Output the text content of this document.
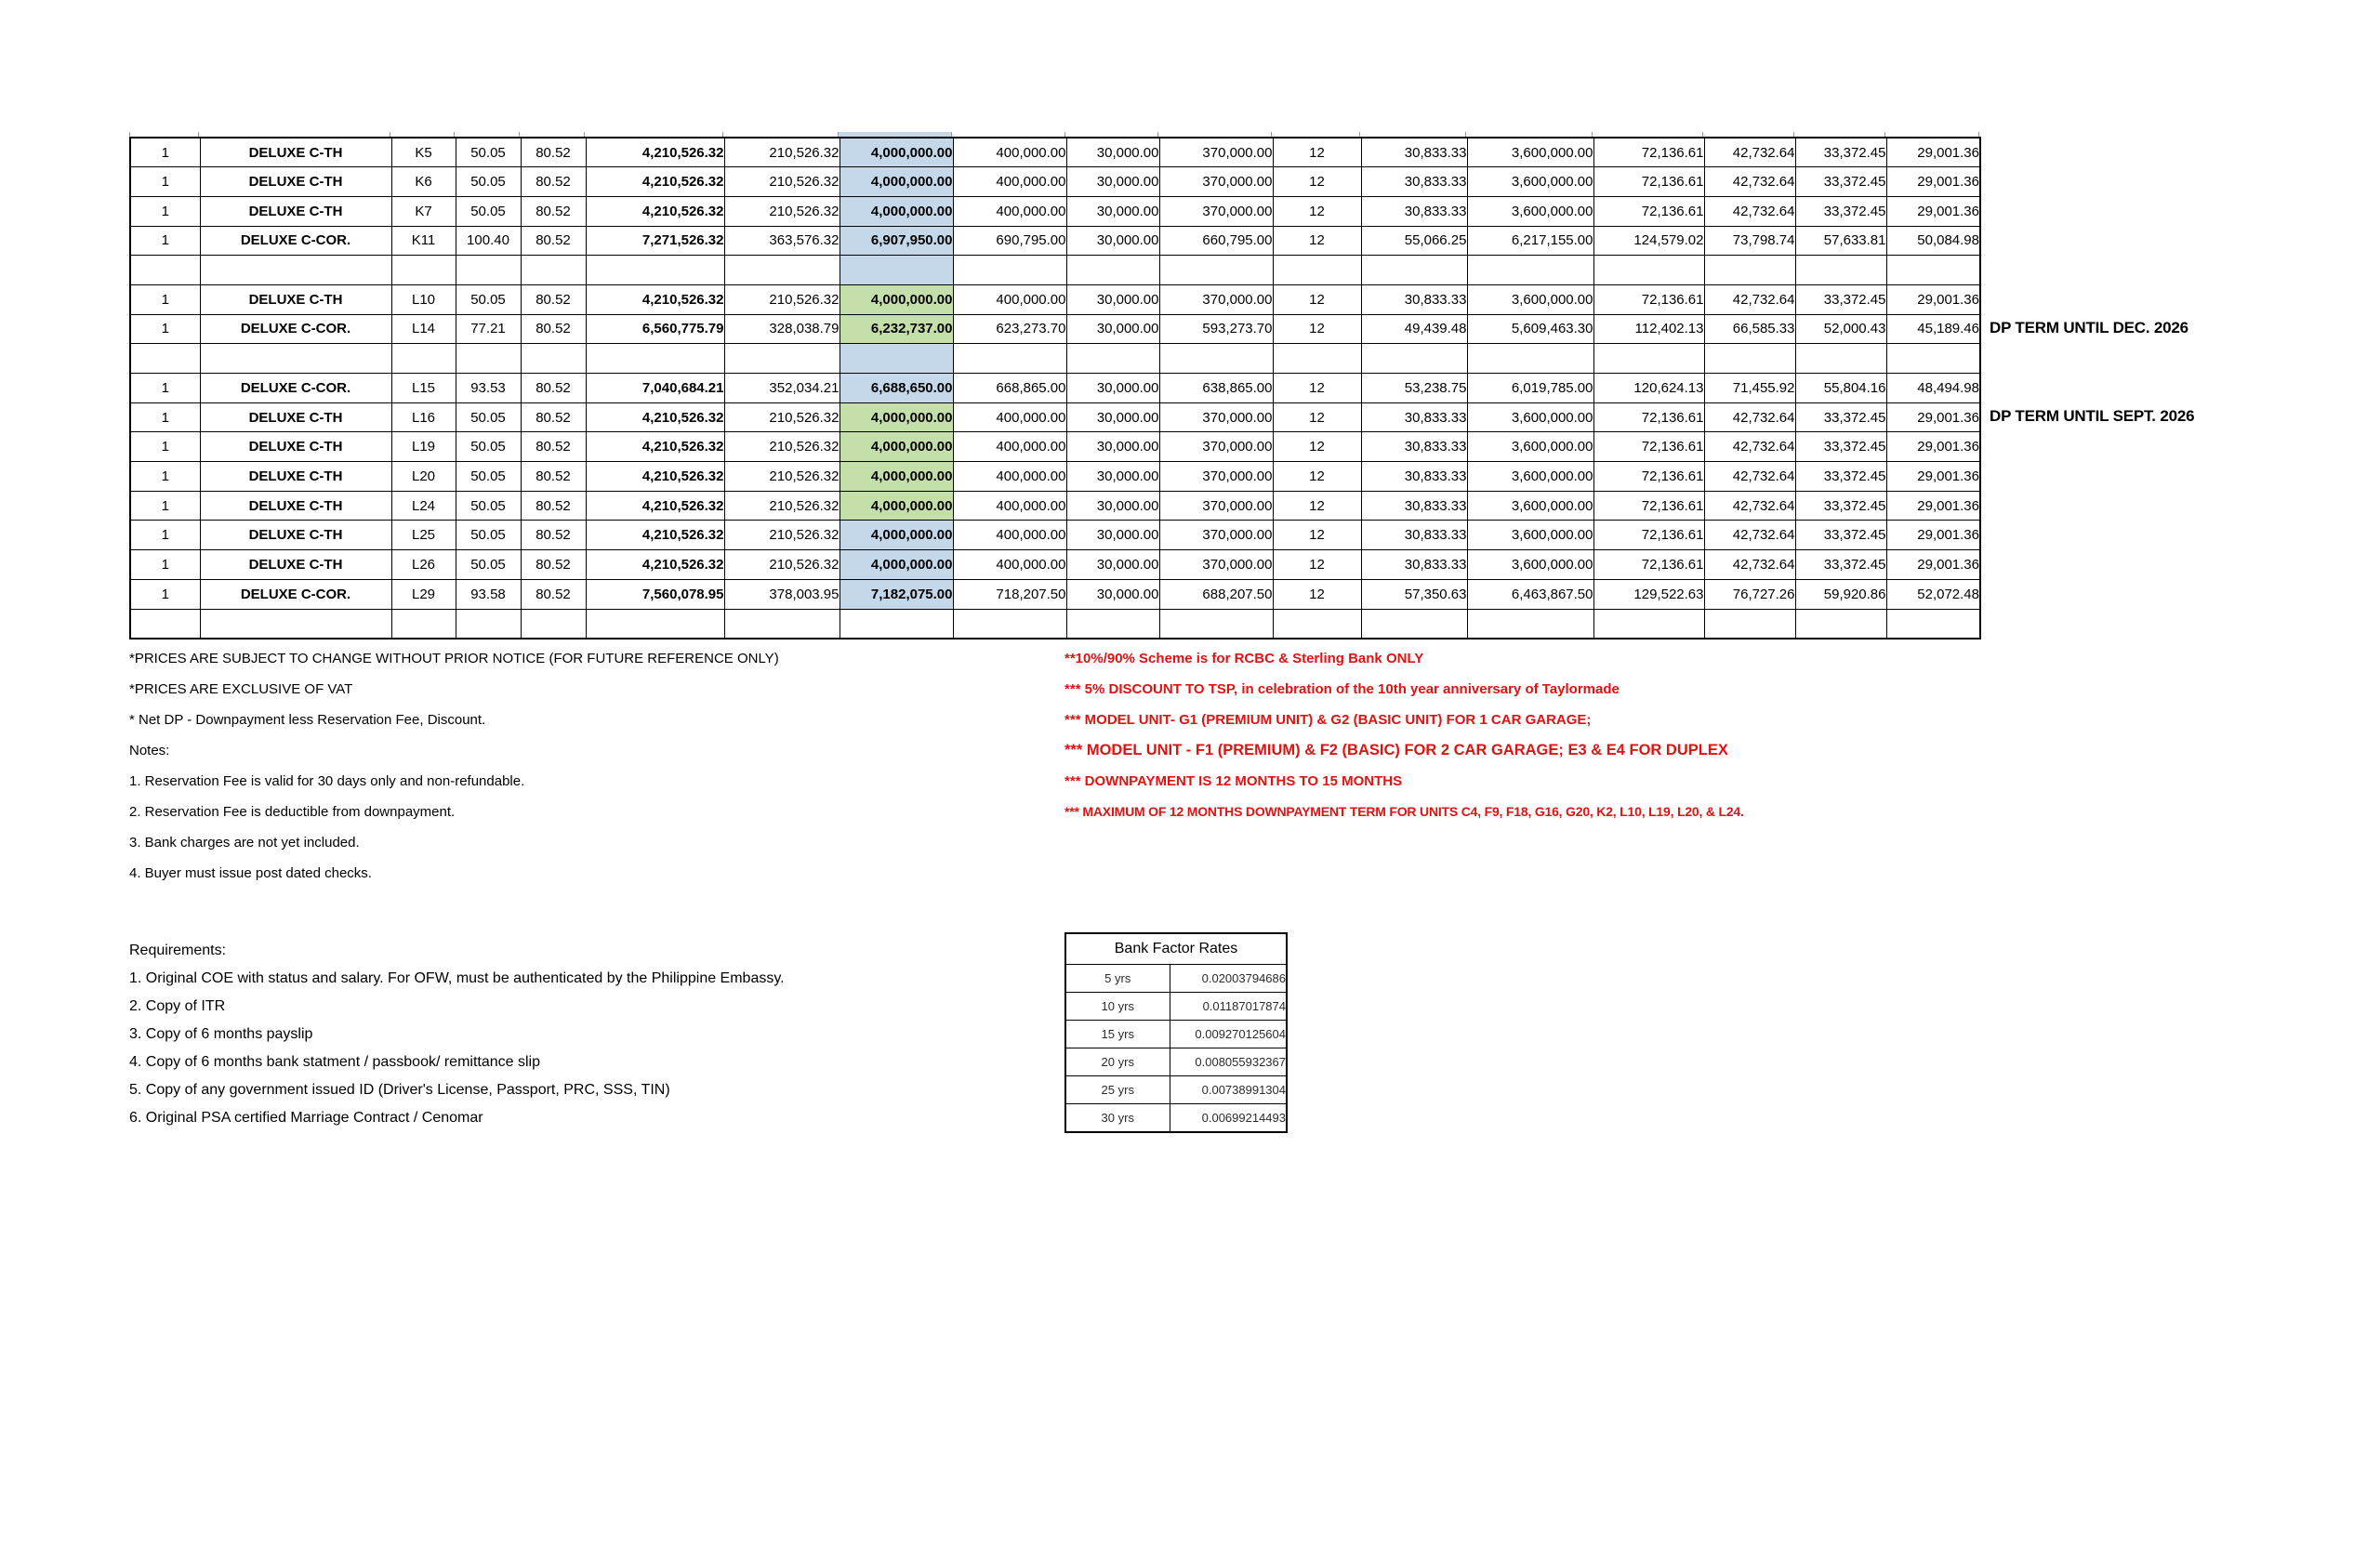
1	DELUXE C-TH	K5	50.05	80.52	4,210,526.32	210,526.32	4,000,000.00	400,000.00	30,000.00	370,000.00	12	30,833.33	3,600,000.00	72,136.61	42,732.64	33,372.45	29,001.36
1	DELUXE C-TH	K6	50.05	80.52	4,210,526.32	210,526.32	4,000,000.00	400,000.00	30,000.00	370,000.00	12	30,833.33	3,600,000.00	72,136.61	42,732.64	33,372.45	29,001.36
1	DELUXE C-TH	K7	50.05	80.52	4,210,526.32	210,526.32	4,000,000.00	400,000.00	30,000.00	370,000.00	12	30,833.33	3,600,000.00	72,136.61	42,732.64	33,372.45	29,001.36
1	DELUXE C-COR.	K11	100.40	80.52	7,271,526.32	363,576.32	6,907,950.00	690,795.00	30,000.00	660,795.00	12	55,066.25	6,217,155.00	124,579.02	73,798.74	57,633.81	50,084.98

1	DELUXE C-TH	L10	50.05	80.52	4,210,526.32	210,526.32	4,000,000.00	400,000.00	30,000.00	370,000.00	12	30,833.33	3,600,000.00	72,136.61	42,732.64	33,372.45	29,001.36
1	DELUXE C-COR.	L14	77.21	80.52	6,560,775.79	328,038.79	6,232,737.00	623,273.70	30,000.00	593,273.70	12	49,439.48	5,609,463.30	112,402.13	66,585.33	52,000.43	45,189.46

1	DELUXE C-COR.	L15	93.53	80.52	7,040,684.21	352,034.21	6,688,650.00	668,865.00	30,000.00	638,865.00	12	53,238.75	6,019,785.00	120,624.13	71,455.92	55,804.16	48,494.98
1	DELUXE C-TH	L16	50.05	80.52	4,210,526.32	210,526.32	4,000,000.00	400,000.00	30,000.00	370,000.00	12	30,833.33	3,600,000.00	72,136.61	42,732.64	33,372.45	29,001.36
1	DELUXE C-TH	L19	50.05	80.52	4,210,526.32	210,526.32	4,000,000.00	400,000.00	30,000.00	370,000.00	12	30,833.33	3,600,000.00	72,136.61	42,732.64	33,372.45	29,001.36
1	DELUXE C-TH	L20	50.05	80.52	4,210,526.32	210,526.32	4,000,000.00	400,000.00	30,000.00	370,000.00	12	30,833.33	3,600,000.00	72,136.61	42,732.64	33,372.45	29,001.36
1	DELUXE C-TH	L24	50.05	80.52	4,210,526.32	210,526.32	4,000,000.00	400,000.00	30,000.00	370,000.00	12	30,833.33	3,600,000.00	72,136.61	42,732.64	33,372.45	29,001.36
1	DELUXE C-TH	L25	50.05	80.52	4,210,526.32	210,526.32	4,000,000.00	400,000.00	30,000.00	370,000.00	12	30,833.33	3,600,000.00	72,136.61	42,732.64	33,372.45	29,001.36
1	DELUXE C-TH	L26	50.05	80.52	4,210,526.32	210,526.32	4,000,000.00	400,000.00	30,000.00	370,000.00	12	30,833.33	3,600,000.00	72,136.61	42,732.64	33,372.45	29,001.36
1	DELUXE C-COR.	L29	93.58	80.52	7,560,078.95	378,003.95	7,182,075.00	718,207.50	30,000.00	688,207.50	12	57,350.63	6,463,867.50	129,522.63	76,727.26	59,920.86	52,072.48

DP TERM UNTIL DEC. 2026
DP TERM UNTIL SEPT. 2026
*PRICES ARE SUBJECT TO CHANGE WITHOUT PRIOR NOTICE (FOR FUTURE REFERENCE ONLY)
*PRICES ARE EXCLUSIVE OF VAT
* Net DP - Downpayment less Reservation Fee, Discount.
Notes:
1. Reservation Fee is valid for 30 days only and non-refundable.
2. Reservation Fee is deductible from downpayment.
3. Bank charges are not yet included.
4. Buyer must issue post dated checks.
**10%/90% Scheme is for RCBC & Sterling Bank ONLY
*** 5% DISCOUNT TO TSP, in celebration of the 10th year anniversary of Taylormade
*** MODEL UNIT- G1 (PREMIUM UNIT) & G2 (BASIC UNIT) FOR 1 CAR GARAGE;
*** MODEL UNIT - F1 (PREMIUM) & F2 (BASIC) FOR 2 CAR GARAGE; E3 & E4 FOR DUPLEX
*** DOWNPAYMENT IS 12 MONTHS TO 15 MONTHS
*** MAXIMUM OF 12 MONTHS DOWNPAYMENT TERM FOR UNITS C4, F9, F18, G16, G20, K2, L10, L19, L20, & L24.
Requirements:
1. Original COE with status and salary. For OFW, must be authenticated by the Philippine Embassy.
2. Copy of ITR
3. Copy of 6 months payslip
4. Copy of 6 months bank statment / passbook/ remittance slip
5. Copy of any government issued ID (Driver's License, Passport, PRC, SSS, TIN)
6. Original PSA certified Marriage Contract / Cenomar
Bank Factor Rates	
5 yrs	0.02003794686
10 yrs	0.01187017874
15 yrs	0.009270125604
20 yrs	0.008055932367
25 yrs	0.00738991304
30 yrs	0.00699214493
